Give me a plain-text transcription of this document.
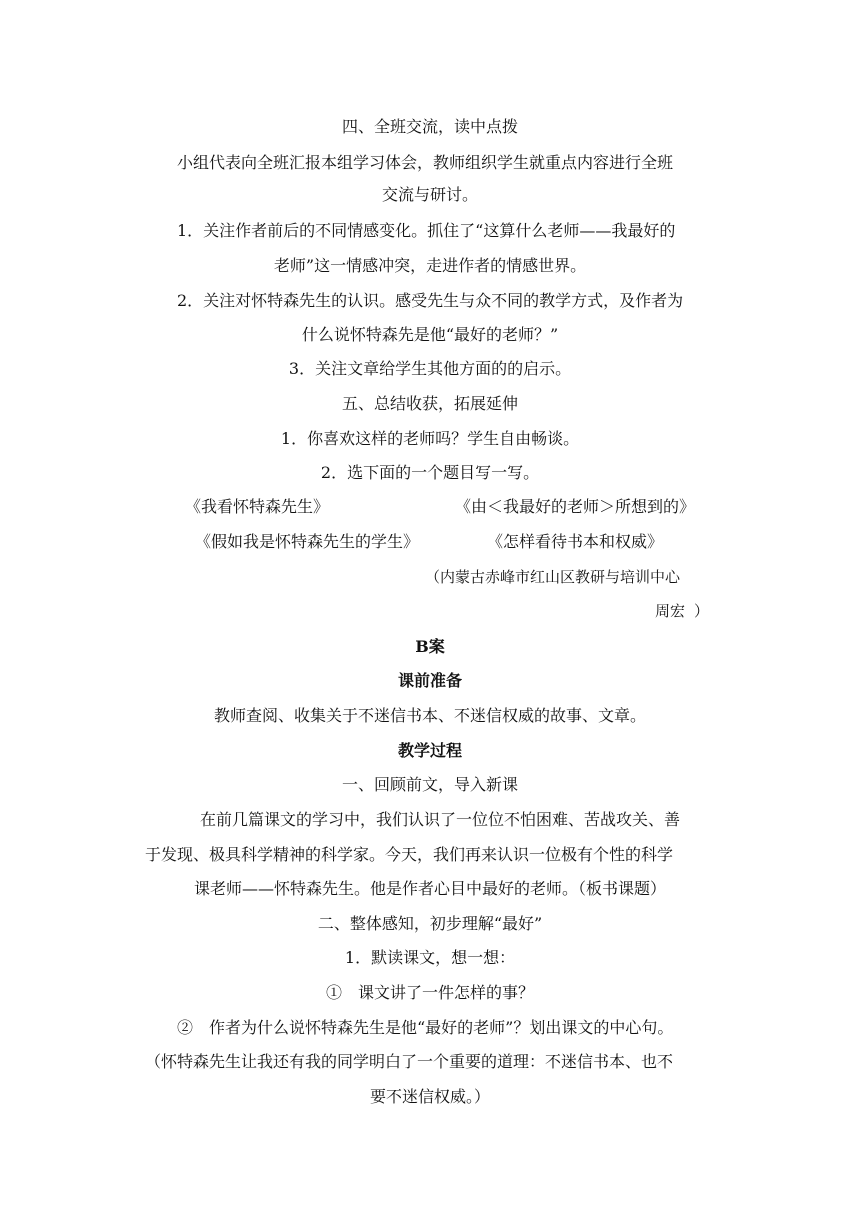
四、全班交流，读中点拨
小组代表向全班汇报本组学习体会，教师组织学生就重点内容进行全班
交流与研讨。
1．关注作者前后的不同情感变化。抓住了“这算什么老师——我最好的
老师”这一情感冲突，走进作者的情感世界。
2．关注对怀特森先生的认识。感受先生与众不同的教学方式，及作者为
什么说怀特森先是他“最好的老师？”
3．关注文章给学生其他方面的的启示。
五、总结收获，拓展延伸
1．你喜欢这样的老师吗？学生自由畅谈。
2．选下面的一个题目写一写。
《我看怀特森先生》	《由＜我最好的老师＞所想到的》
《假如我是怀特森先生的学生》	《怎样看待书本和权威》
（内蒙古赤峰市红山区教研与培训中心
周宏 ）
B案
课前准备
教师查阅、收集关于不迷信书本、不迷信权威的故事、文章。
教学过程
一、回顾前文，导入新课
在前几篇课文的学习中，我们认识了一位位不怕困难、苦战攻关、善
于发现、极具科学精神的科学家。今天，我们再来认识一位极有个性的科学
课老师——怀特森先生。他是作者心目中最好的老师。（板书课题）
二、整体感知，初步理解“最好”
1．默读课文，想一想：
①　课文讲了一件怎样的事？
②　作者为什么说怀特森先生是他“最好的老师”？划出课文的中心句。
（怀特森先生让我还有我的同学明白了一个重要的道理：不迷信书本、也不
要不迷信权威。）
